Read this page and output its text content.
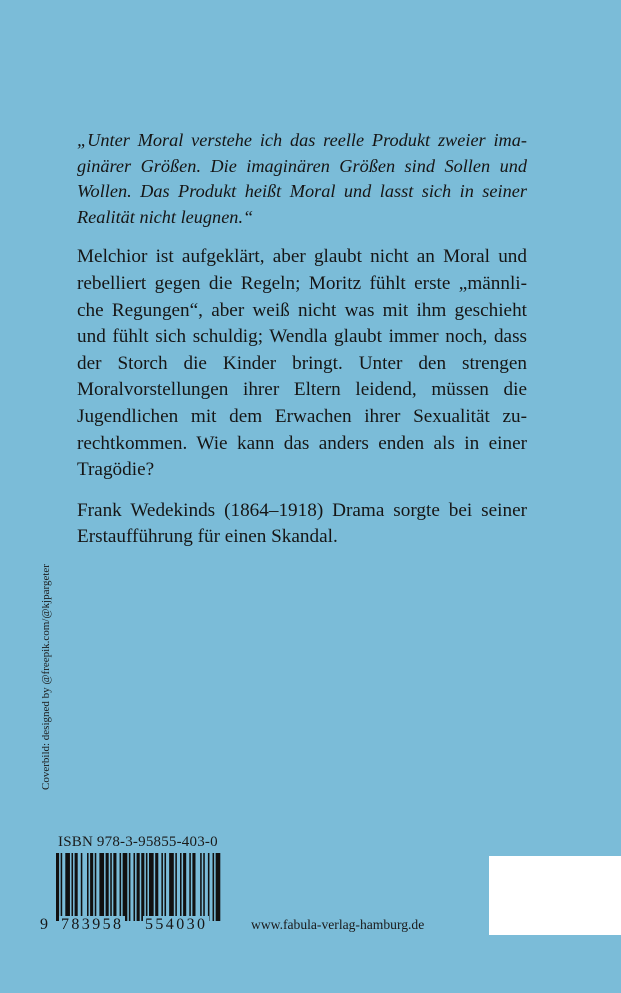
„Unter Moral verstehe ich das reelle Produkt zweier ima- ginärer Größen. Die imaginären Größen sind Sollen und Wollen. Das Produkt heißt Moral und lasst sich in seiner Realität nicht leugnen.“

Melchior ist aufgeklärt, aber glaubt nicht an Moral und rebelliert gegen die Regeln; Moritz fühlt erste „männli- che Regungen“, aber weiß nicht was mit ihm geschieht und fühlt sich schuldig; Wendla glaubt immer noch, dass der Storch die Kinder bringt. Unter den strengen Moralvorstellungen ihrer Eltern leidend, müssen die Jugendlichen mit dem Erwachen ihrer Sexualität zu- rechtkommen. Wie kann das anders enden als in einer Tragödie?

Frank Wedekinds (1864–1918) Drama sorgte bei seiner Erstaufführung für einen Skandal.

Coverbild: designed by @freepik.com/@kjpargeter
ISBN 978-3-95855-403-0
9 783958 554030	www.fabula-verlag-hamburg.de
